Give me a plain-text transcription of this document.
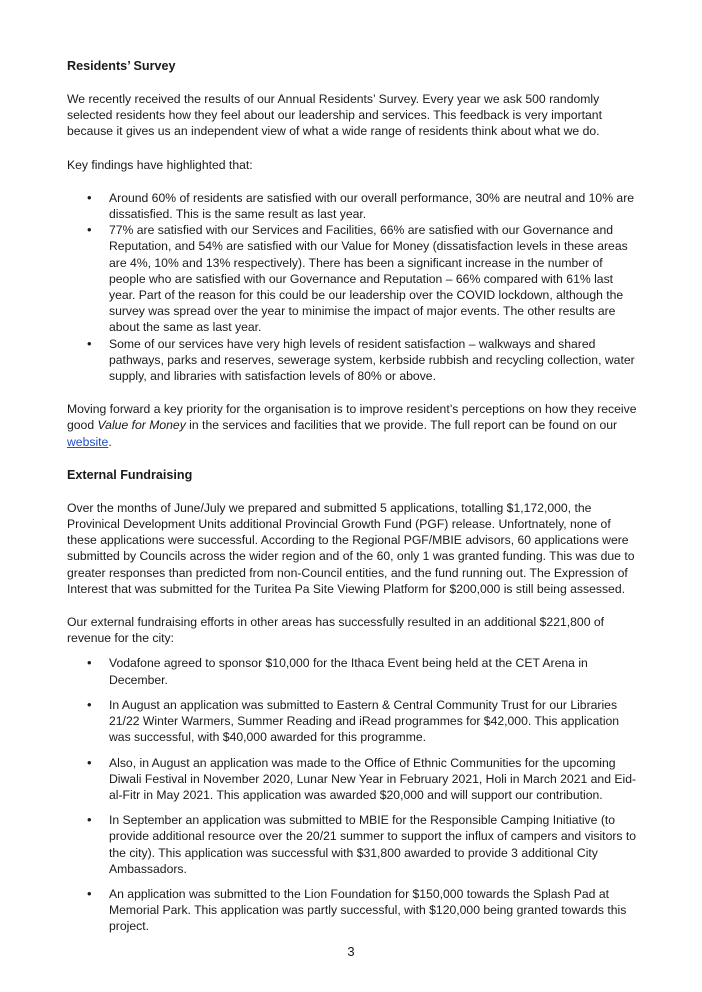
Residents’ Survey

We recently received the results of our Annual Residents’ Survey. Every year we ask 500 randomly selected residents how they feel about our leadership and services. This feedback is very important because it gives us an independent view of what a wide range of residents think about what we do.

Key findings have highlighted that:

• Around 60% of residents are satisfied with our overall performance, 30% are neutral and 10% are dissatisfied. This is the same result as last year.
• 77% are satisfied with our Services and Facilities, 66% are satisfied with our Governance and Reputation, and 54% are satisfied with our Value for Money (dissatisfaction levels in these areas are 4%, 10% and 13% respectively). There has been a significant increase in the number of people who are satisfied with our Governance and Reputation – 66% compared with 61% last year. Part of the reason for this could be our leadership over the COVID lockdown, although the survey was spread over the year to minimise the impact of major events. The other results are about the same as last year.
• Some of our services have very high levels of resident satisfaction – walkways and shared pathways, parks and reserves, sewerage system, kerbside rubbish and recycling collection, water supply, and libraries with satisfaction levels of 80% or above.

Moving forward a key priority for the organisation is to improve resident’s perceptions on how they receive good Value for Money in the services and facilities that we provide. The full report can be found on our website.

External Fundraising

Over the months of June/July we prepared and submitted 5 applications, totalling $1,172,000, the Provinical Development Units additional Provincial Growth Fund (PGF) release. Unfortnately, none of these applications were successful. According to the Regional PGF/MBIE advisors, 60 applications were submitted by Councils across the wider region and of the 60, only 1 was granted funding. This was due to greater responses than predicted from non-Council entities, and the fund running out. The Expression of Interest that was submitted for the Turitea Pa Site Viewing Platform for $200,000 is still being assessed.

Our external fundraising efforts in other areas has successfully resulted in an additional $221,800 of revenue for the city:

• Vodafone agreed to sponsor $10,000 for the Ithaca Event being held at the CET Arena in December.
• In August an application was submitted to Eastern & Central Community Trust for our Libraries 21/22 Winter Warmers, Summer Reading and iRead programmes for $42,000. This application was successful, with $40,000 awarded for this programme.
• Also, in August an application was made to the Office of Ethnic Communities for the upcoming Diwali Festival in November 2020, Lunar New Year in February 2021, Holi in March 2021 and Eid-al-Fitr in May 2021. This application was awarded $20,000 and will support our contribution.
• In September an application was submitted to MBIE for the Responsible Camping Initiative (to provide additional resource over the 20/21 summer to support the influx of campers and visitors to the city). This application was successful with $31,800 awarded to provide 3 additional City Ambassadors.
• An application was submitted to the Lion Foundation for $150,000 towards the Splash Pad at Memorial Park. This application was partly successful, with $120,000 being granted towards this project.
3
